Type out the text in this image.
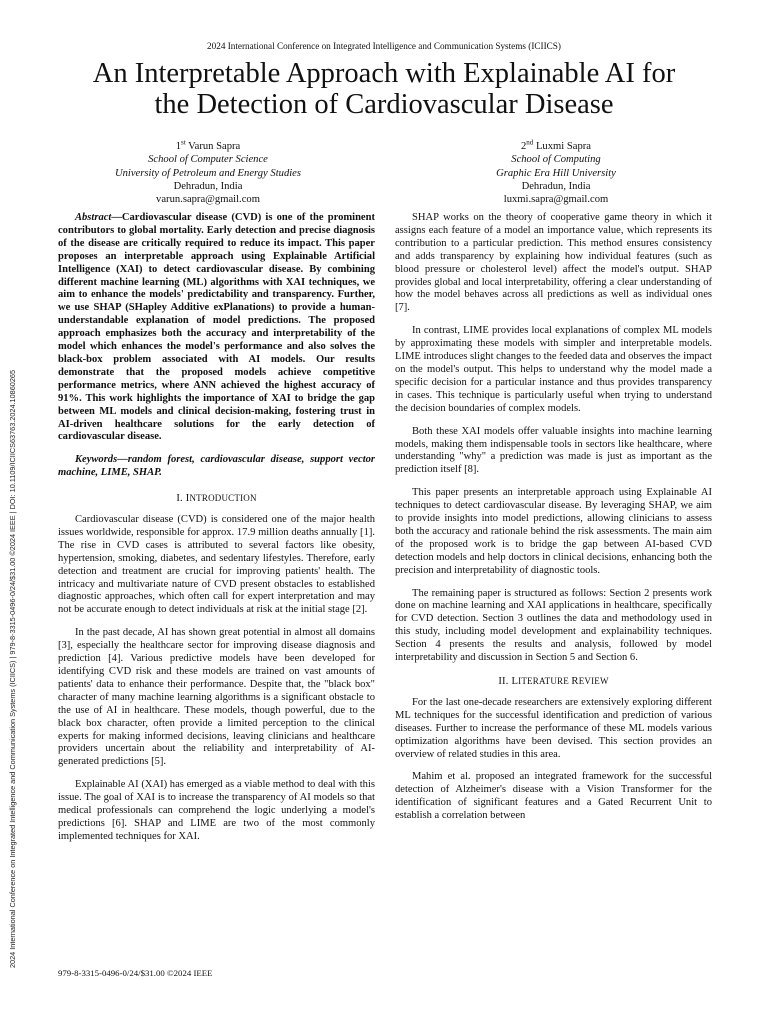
2024 International Conference on Integrated Intelligence and Communication Systems (ICIICS)
An Interpretable Approach with Explainable AI for
the Detection of Cardiovascular Disease
1st Varun Sapra
School of Computer Science
University of Petroleum and Energy Studies
Dehradun, India
varun.sapra@gmail.com
2nd Luxmi Sapra
School of Computing
Graphic Era Hill University
Dehradun, India
luxmi.sapra@gmail.com

Abstract—Cardiovascular disease (CVD) is one of the prominent contributors to global mortality. Early detection and precise diagnosis of the disease are critically required to reduce its impact. This paper proposes an interpretable approach using Explainable Artificial Intelligence (XAI) to detect cardiovascular disease. By combining different machine learning (ML) algorithms with XAI techniques, we aim to enhance the models' predictability and transparency. Further, we use SHAP (SHapley Additive exPlanations) to provide a human-understandable explanation of model predictions. The proposed approach emphasizes both the accuracy and interpretability of the model which enhances the model's performance and also solves the black-box problem associated with AI models. Our results demonstrate that the proposed models achieve competitive performance metrics, where ANN achieved the highest accuracy of 91%. This work highlights the importance of XAI to bridge the gap between ML models and clinical decision-making, fostering trust in AI-driven healthcare solutions for the early detection of cardiovascular disease.

Keywords—random forest, cardiovascular disease, support vector machine, LIME, SHAP.

I. INTRODUCTION

Cardiovascular disease (CVD) is considered one of the major health issues worldwide, responsible for approx. 17.9 million deaths annually [1]. The rise in CVD cases is attributed to several factors like obesity, hypertension, smoking, diabetes, and sedentary lifestyles. Therefore, early detection and treatment are crucial for improving patients' health. The intricacy and multivariate nature of CVD present obstacles to established diagnostic approaches, which often call for expert interpretation and may not be accurate enough to detect individuals at risk at the initial stage [2].

In the past decade, AI has shown great potential in almost all domains [3], especially the healthcare sector for improving disease diagnosis and prediction [4]. Various predictive models have been developed for identifying CVD risk and these models are trained on vast amounts of patients' data to enhance their performance. Despite that, the "black box" character of many machine learning algorithms is a significant obstacle to the use of AI in healthcare. These models, though powerful, due to the black box character, often provide a limited perception to the clinical experts for making informed decisions, leaving clinicians and healthcare providers uncertain about the reliability and interpretability of AI-generated predictions [5].

Explainable AI (XAI) has emerged as a viable method to deal with this issue. The goal of XAI is to increase the transparency of AI models so that medical professionals can comprehend the logic underlying a model's predictions [6]. SHAP and LIME are two of the most commonly implemented techniques for XAI.

SHAP works on the theory of cooperative game theory in which it assigns each feature of a model an importance value, which represents its contribution to a particular prediction. This method ensures consistency and adds transparency by explaining how individual features (such as blood pressure or cholesterol level) affect the model's output. SHAP provides global and local interpretability, offering a clear understanding of how the model behaves across all predictions as well as individual ones [7].

In contrast, LIME provides local explanations of complex ML models by approximating these models with simpler and interpretable models. LIME introduces slight changes to the feeded data and observes the impact on the model's output. This helps to understand why the model made a specific decision for a particular instance and thus provides transparency in cases. This technique is particularly useful when trying to understand the decision boundaries of complex models.

Both these XAI models offer valuable insights into machine learning models, making them indispensable tools in sectors like healthcare, where understanding "why" a prediction was made is just as important as the prediction itself [8].

This paper presents an interpretable approach using Explainable AI techniques to detect cardiovascular disease. By leveraging SHAP, we aim to provide insights into model predictions, allowing clinicians to assess both the accuracy and rationale behind the risk assessments. The main aim of the proposed work is to bridge the gap between AI-based CVD detection models and help doctors in clinical decisions, enhancing both the precision and interpretability of diagnostic tools.

The remaining paper is structured as follows: Section 2 presents work done on machine learning and XAI applications in healthcare, specifically for CVD detection. Section 3 outlines the data and methodology used in this study, including model development and explainability techniques. Section 4 presents the results and analysis, followed by model interpretability and discussion in Section 5 and Section 6.

II. LITERATURE REVIEW

For the last one-decade researchers are extensively exploring different ML techniques for the successful identification and prediction of various diseases. Further to increase the performance of these ML models various optimization algorithms have been devised. This section provides an overview of related studies in this area.

Mahim et al. proposed an integrated framework for the successful detection of Alzheimer's disease with a Vision Transformer for the identification of significant features and a Gated Recurrent Unit to establish a correlation between

2024 International Conference on Integrated Intelligence and Communication Systems (ICIICS) | 979-8-3315-0496-0/24/$31.00 ©2024 IEEE | DOI: 10.1109/ICIICS63763.2024.10860265
979-8-3315-0496-0/24/$31.00 ©2024 IEEE
